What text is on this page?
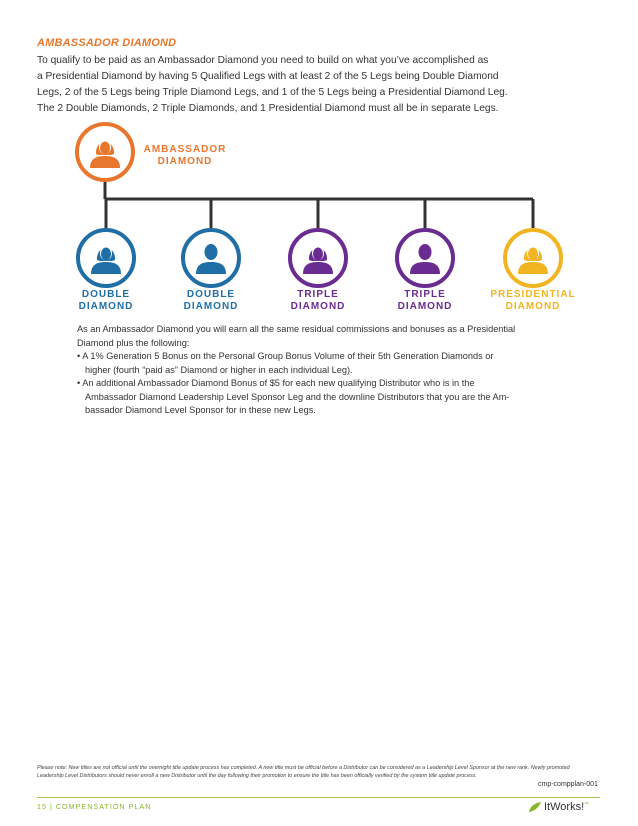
AMBASSADOR DIAMOND
To qualify to be paid as an Ambassador Diamond you need to build on what you’ve accomplished as
a Presidential Diamond by having 5 Qualified Legs with at least 2 of the 5 Legs being Double Diamond
Legs, 2 of the 5 Legs being Triple Diamond Legs, and 1 of the 5 Legs being a Presidential Diamond Leg.
The 2 Double Diamonds, 2 Triple Diamonds, and 1 Presidential Diamond must all be in separate Legs.
AMBASSADOR
DIAMOND
DOUBLE
DIAMOND
DOUBLE
DIAMOND
TRIPLE
DIAMOND
TRIPLE
DIAMOND
PRESIDENTIAL
DIAMOND

As an Ambassador Diamond you will earn all the same residual commissions and bonuses as a Presidential
Diamond plus the following:

• A 1% Generation 5 Bonus on the Personal Group Bonus Volume of their 5th Generation Diamonds or
higher (fourth “paid as” Diamond or higher in each individual Leg).

• An additional Ambassador Diamond Bonus of $5 for each new qualifying Distributor who is in the
Ambassador Diamond Leadership Level Sponsor Leg and the downline Distributors that you are the Am-
bassador Diamond Level Sponsor for in these new Legs.

Please note: New titles are not official until the overnight title update process has completed. A new title must be official before a Distributor can be considered as a Leadership Level Sponsor at the new rank. Newly promoted
Leadership Level Distributors should never enroll a new Distributor until the day following their promotion to ensure the title has been officially verified by the system title update process.
cmp-compplan-001
15 | COMPENSATION PLAN	ItWorks!™
